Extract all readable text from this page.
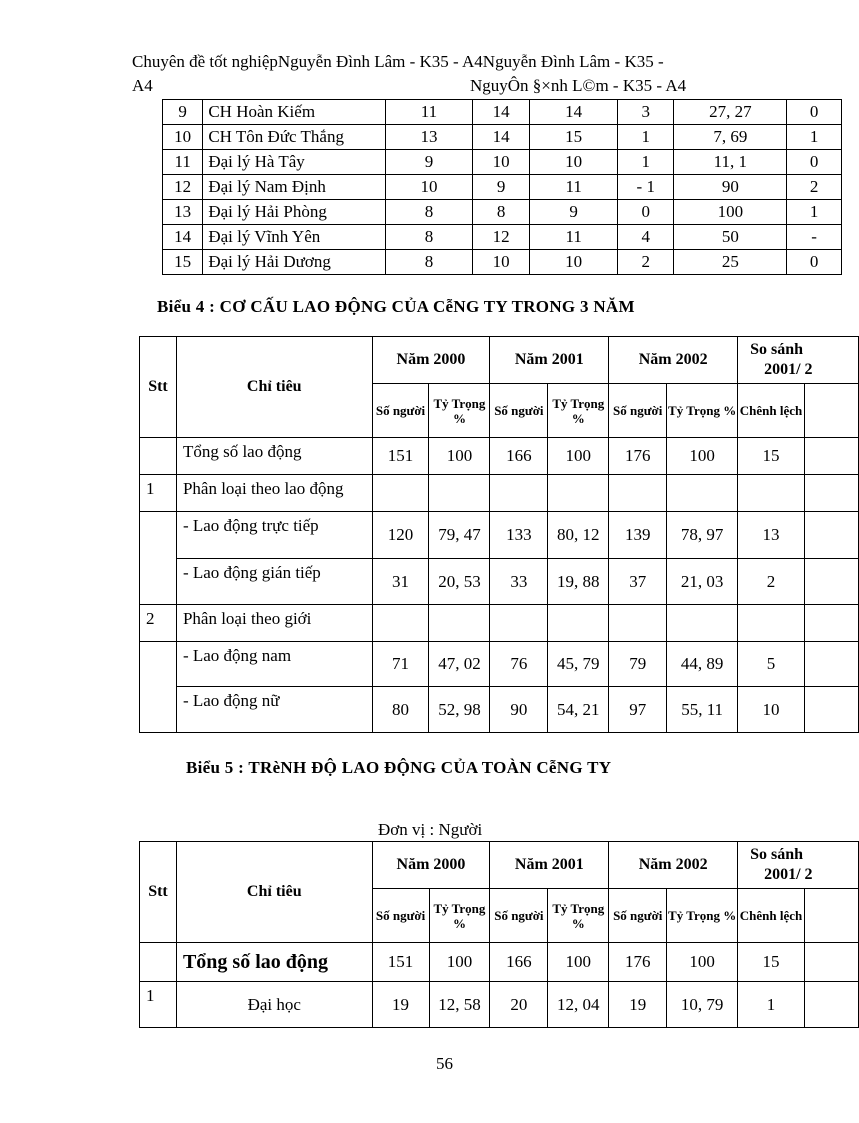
Chuyên đề tốt nghiệpNguyễn Đình Lâm - K35 - A4Nguyễn Đình Lâm - K35 -
A4	NguyÔn §×nh L©m - K35 - A4
9	CH Hoàn Kiếm	11	14	14	3	27, 27	0
10	CH Tôn Đức Thắng	13	14	15	1	7, 69	1
11	Đại lý Hà Tây	9	10	10	1	11, 1	0
12	Đại lý Nam Định	10	9	11	- 1	90	2
13	Đại lý Hải Phòng	8	8	9	0	100	1
14	Đại lý Vĩnh Yên	8	12	11	4	50	-
15	Đại lý Hải Dương	8	10	10	2	25	0
Biểu 4 : CƠ CẤU LAO ĐỘNG CỦA CễNG TY TRONG 3 NĂM
Stt	Chỉ tiêu	Năm 2000		Năm 2001		Năm 2002		So sánh
2001/ 2	
		Số người	Tỷ Trọng %	Số người	Tỷ Trọng %	Số người	Tỷ Trọng %	Chênh lệch	
	Tổng số lao động	151	100	166	100	176	100	15	
1	Phân loại theo lao động								
	- Lao động trực tiếp	120	79, 47	133	80, 12	139	78, 97	13	
	- Lao động gián tiếp	31	20, 53	33	19, 88	37	21, 03	2	
2	Phân loại theo giới								
	- Lao động nam	71	47, 02	76	45, 79	79	44, 89	5	
	- Lao động nữ	80	52, 98	90	54, 21	97	55, 11	10	
Biểu 5 : TRèNH ĐỘ LAO ĐỘNG CỦA TOÀN CễNG TY
Đơn vị : Người
Stt	Chỉ tiêu	Năm 2000		Năm 2001		Năm 2002		So sánh
2001/ 2	
		Số người	Tỷ Trọng %	Số người	Tỷ Trọng %	Số người	Tỷ Trọng %	Chênh lệch	
	Tổng số lao động	151	100	166	100	176	100	15	
1	Đại học	19	12, 58	20	12, 04	19	10, 79	1	
56
